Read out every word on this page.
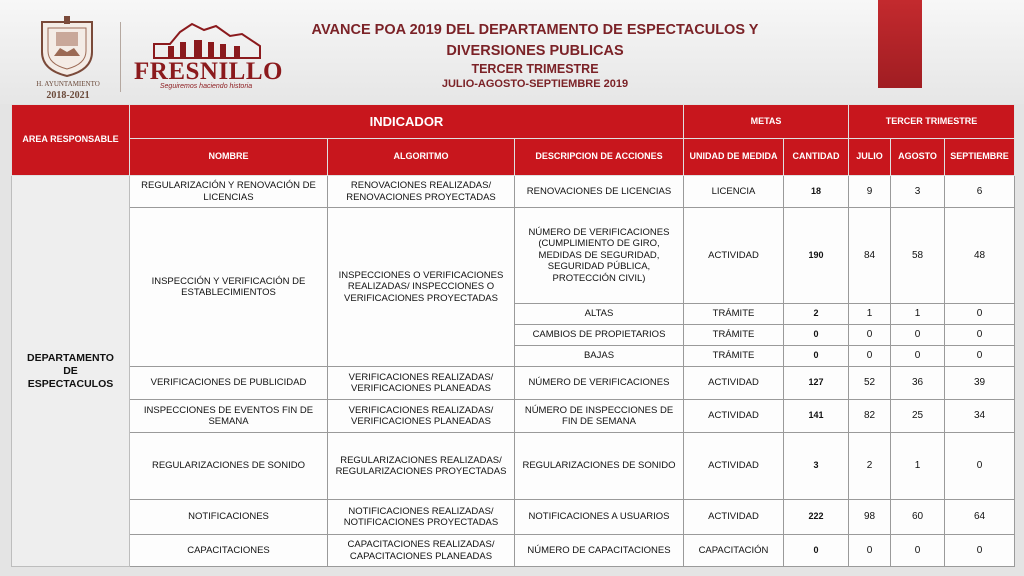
H. AYUNTAMIENTO
2018-2021
FRESNILLO
Seguiremos haciendo historia
AVANCE POA 2019 DEL DEPARTAMENTO DE ESPECTACULOS Y
DIVERSIONES PUBLICAS
TERCER TRIMESTRE
JULIO-AGOSTO-SEPTIEMBRE 2019
AREA RESPONSABLE	INDICADOR			METAS		TERCER TRIMESTRE		
	NOMBRE	ALGORITMO	DESCRIPCION DE ACCIONES	UNIDAD DE MEDIDA	CANTIDAD	JULIO	AGOSTO	SEPTIEMBRE
DEPARTAMENTO
DE
ESPECTACULOS	REGULARIZACIÓN Y RENOVACIÓN DE LICENCIAS	RENOVACIONES REALIZADAS/ RENOVACIONES PROYECTADAS	RENOVACIONES DE LICENCIAS	LICENCIA	18	9	3	6
	INSPECCIÓN Y VERIFICACIÓN DE ESTABLECIMIENTOS	INSPECCIONES O VERIFICACIONES REALIZADAS/ INSPECCIONES O VERIFICACIONES PROYECTADAS	NÚMERO DE VERIFICACIONES (CUMPLIMIENTO DE GIRO, MEDIDAS DE SEGURIDAD, SEGURIDAD PÚBLICA, PROTECCIÓN CIVIL)	ACTIVIDAD	190	84	58	48
			ALTAS	TRÁMITE	2	1	1	0
			CAMBIOS DE PROPIETARIOS	TRÁMITE	0	0	0	0
			BAJAS	TRÁMITE	0	0	0	0
	VERIFICACIONES DE PUBLICIDAD	VERIFICACIONES REALIZADAS/ VERIFICACIONES PLANEADAS	NÚMERO DE VERIFICACIONES	ACTIVIDAD	127	52	36	39
	INSPECCIONES DE EVENTOS FIN DE SEMANA	VERIFICACIONES REALIZADAS/ VERIFICACIONES PLANEADAS	NÚMERO DE INSPECCIONES DE FIN DE SEMANA	ACTIVIDAD	141	82	25	34
	REGULARIZACIONES DE SONIDO	REGULARIZACIONES REALIZADAS/ REGULARIZACIONES PROYECTADAS	REGULARIZACIONES DE SONIDO	ACTIVIDAD	3	2	1	0
	NOTIFICACIONES	NOTIFICACIONES REALIZADAS/ NOTIFICACIONES PROYECTADAS	NOTIFICACIONES A USUARIOS	ACTIVIDAD	222	98	60	64
	CAPACITACIONES	CAPACITACIONES REALIZADAS/ CAPACITACIONES PLANEADAS	NÚMERO DE CAPACITACIONES	CAPACITACIÓN	0	0	0	0
